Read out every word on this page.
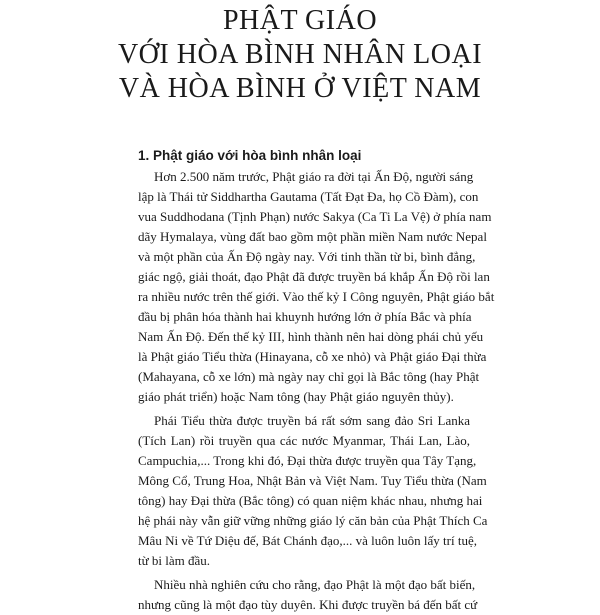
PHẬT GIÁO
VỚI HÒA BÌNH NHÂN LOẠI
VÀ HÒA BÌNH Ở VIỆT NAM
1. Phật giáo với hòa bình nhân loại
Hơn 2.500 năm trước, Phật giáo ra đời tại Ấn Độ, người sáng
lập là Thái tử Siddhartha Gautama (Tất Đạt Đa, họ Cồ Đàm), con
vua Suddhodana (Tịnh Phạn) nước Sakya (Ca Ti La Vệ) ở phía nam
dãy Hymalaya, vùng đất bao gồm một phần miền Nam nước Nepal
và một phần của Ấn Độ ngày nay. Với tinh thần từ bi, bình đẳng,
giác ngộ, giải thoát, đạo Phật đã được truyền bá khắp Ấn Độ rồi lan
ra nhiều nước trên thế giới. Vào thế kỷ I Công nguyên, Phật giáo bắt
đầu bị phân hóa thành hai khuynh hướng lớn ở phía Bắc và phía
Nam Ấn Độ. Đến thế kỷ III, hình thành nên hai dòng phái chủ yếu
là Phật giáo Tiểu thừa (Hinayana, cỗ xe nhỏ) và Phật giáo Đại thừa
(Mahayana, cỗ xe lớn) mà ngày nay chỉ gọi là Bắc tông (hay Phật
giáo phát triển) hoặc Nam tông (hay Phật giáo nguyên thủy).
Phái Tiểu thừa được truyền bá rất sớm sang đảo Sri Lanka
(Tích Lan) rồi truyền qua các nước Myanmar, Thái Lan, Lào,
Campuchia,... Trong khi đó, Đại thừa được truyền qua Tây Tạng,
Mông Cổ, Trung Hoa, Nhật Bản và Việt Nam. Tuy Tiểu thừa (Nam
tông) hay Đại thừa (Bắc tông) có quan niệm khác nhau, nhưng hai
hệ phái này vẫn giữ vững những giáo lý căn bản của Phật Thích Ca
Mâu Ni về Tứ Diệu đế, Bát Chánh đạo,... và luôn luôn lấy trí tuệ,
từ bi làm đầu.
Nhiều nhà nghiên cứu cho rằng, đạo Phật là một đạo bất biến,
nhưng cũng là một đạo tùy duyên. Khi được truyền bá đến bất cứ
